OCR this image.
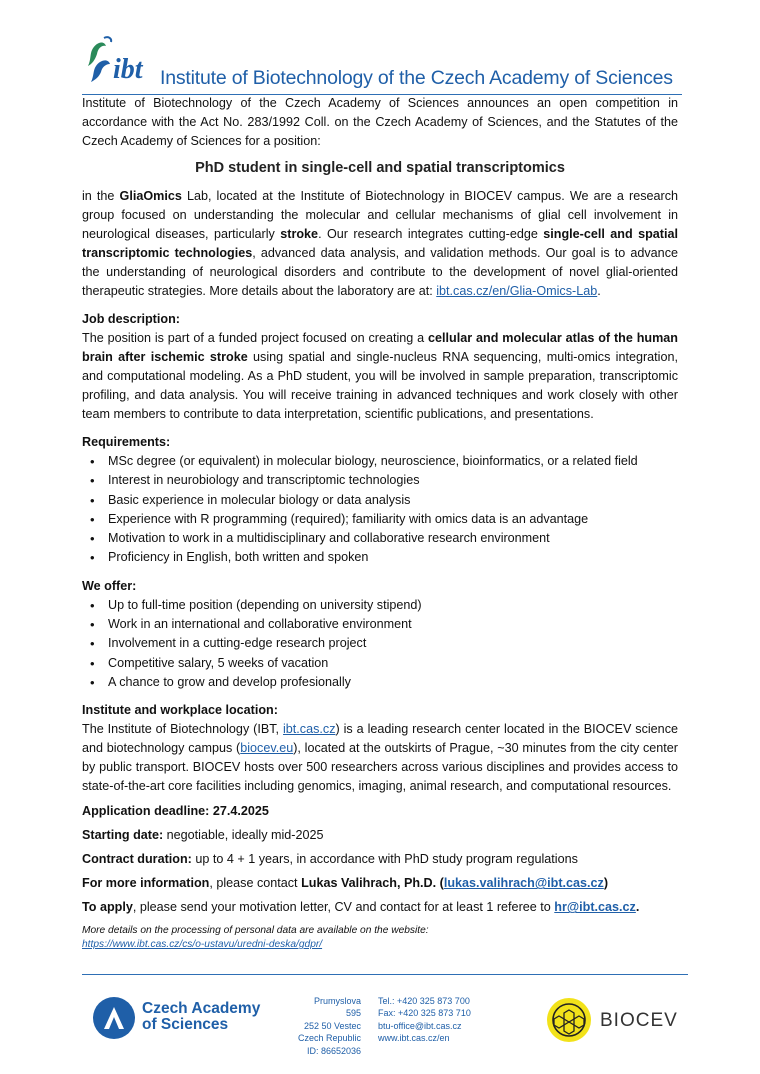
ibt Institute of Biotechnology of the Czech Academy of Sciences

Institute of Biotechnology of the Czech Academy of Sciences announces an open competition in accordance with the Act No. 283/1992 Coll. on the Czech Academy of Sciences, and the Statutes of the Czech Academy of Sciences for a position:

PhD student in single-cell and spatial transcriptomics

in the GliaOmics Lab, located at the Institute of Biotechnology in BIOCEV campus. We are a research group focused on understanding the molecular and cellular mechanisms of glial cell involvement in neurological diseases, particularly stroke. Our research integrates cutting-edge single-cell and spatial transcriptomic technologies, advanced data analysis, and validation methods. Our goal is to advance the understanding of neurological disorders and contribute to the development of novel glial-oriented therapeutic strategies. More details about the laboratory are at: ibt.cas.cz/en/Glia-Omics-Lab.

Job description:

The position is part of a funded project focused on creating a cellular and molecular atlas of the human brain after ischemic stroke using spatial and single-nucleus RNA sequencing, multi-omics integration, and computational modeling. As a PhD student, you will be involved in sample preparation, transcriptomic profiling, and data analysis. You will receive training in advanced techniques and work closely with other team members to contribute to data interpretation, scientific publications, and presentations.

Requirements:
• MSc degree (or equivalent) in molecular biology, neuroscience, bioinformatics, or a related field
• Interest in neurobiology and transcriptomic technologies
• Basic experience in molecular biology or data analysis
• Experience with R programming (required); familiarity with omics data is an advantage
• Motivation to work in a multidisciplinary and collaborative research environment
• Proficiency in English, both written and spoken
We offer:
• Up to full-time position (depending on university stipend)
• Work in an international and collaborative environment
• Involvement in a cutting-edge research project
• Competitive salary, 5 weeks of vacation
• A chance to grow and develop profesionally
Institute and workplace location:

The Institute of Biotechnology (IBT, ibt.cas.cz) is a leading research center located in the BIOCEV science and biotechnology campus (biocev.eu), located at the outskirts of Prague, ~30 minutes from the city center by public transport. BIOCEV hosts over 500 researchers across various disciplines and provides access to state-of-the-art core facilities including genomics, imaging, animal research, and computational resources.

Application deadline: 27.4.2025
Starting date: negotiable, ideally mid-2025
Contract duration: up to 4 + 1 years, in accordance with PhD study program regulations
For more information, please contact Lukas Valihrach, Ph.D. (lukas.valihrach@ibt.cas.cz)
To apply, please send your motivation letter, CV and contact for at least 1 referee to hr@ibt.cas.cz.
More details on the processing of personal data are available on the website:
https://www.ibt.cas.cz/cs/o-ustavu/uredni-deska/gdpr/
Czech Academy
of Sciences
Prumyslova 595
252 50 Vestec
Czech Republic
ID: 86652036
Tel.: +420 325 873 700
Fax: +420 325 873 710
btu-office@ibt.cas.cz
www.ibt.cas.cz/en
BIOCEV
